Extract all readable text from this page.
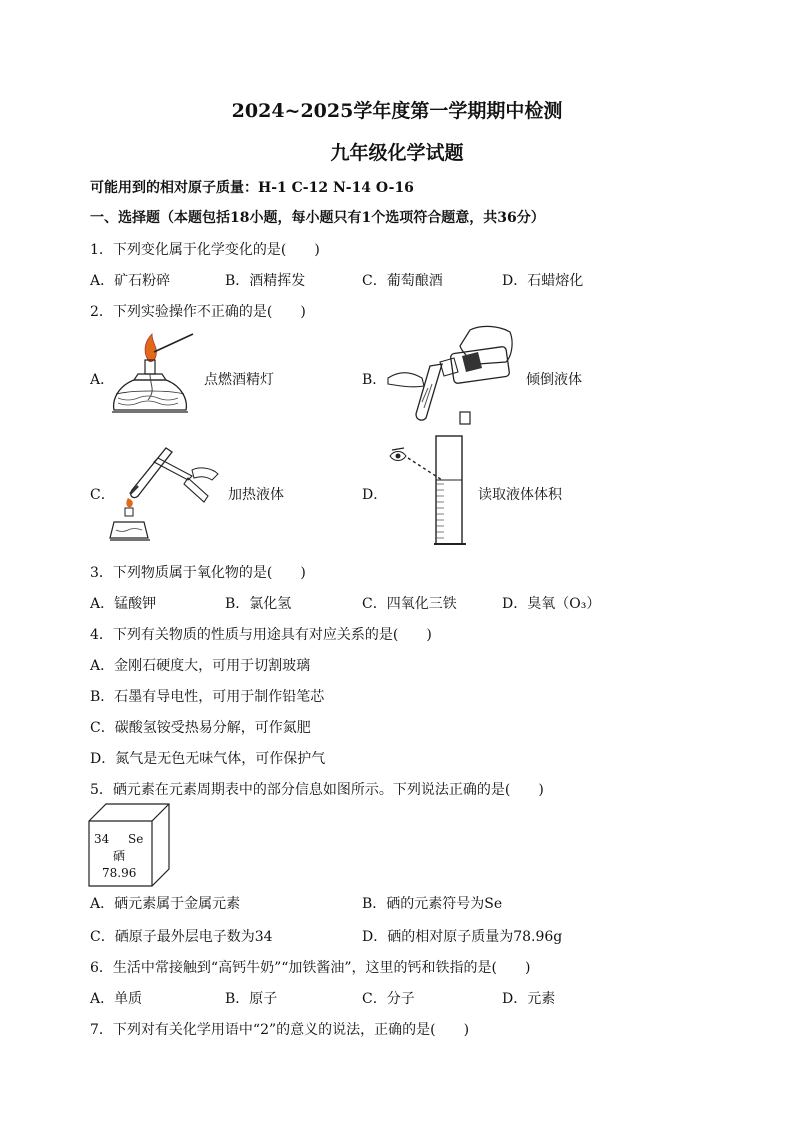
2024~2025学年度第一学期期中检测
九年级化学试题
可能用到的相对原子质量：H-1 C-12 N-14 O-16
一、选择题（本题包括18小题，每小题只有1个选项符合题意，共36分）
1．下列变化属于化学变化的是(　　)
A．矿石粉碎	B．酒精挥发	C．葡萄酿酒	D．石蜡熔化
2．下列实验操作不正确的是(　　)
A．	点燃酒精灯	B．	倾倒液体
C．	加热液体	D．	读取液体体积
3．下列物质属于氧化物的是(　　)
A．锰酸钾	B．氯化氢	C．四氧化三铁	D．臭氧（O₃）
4．下列有关物质的性质与用途具有对应关系的是(　　)
A．金刚石硬度大，可用于切割玻璃
B．石墨有导电性，可用于制作铅笔芯
C．碳酸氢铵受热易分解，可作氮肥
D．氮气是无色无味气体，可作保护气
5．硒元素在元素周期表中的部分信息如图所示。下列说法正确的是(　　)
34 Se
硒
78.96
A．硒元素属于金属元素	B．硒的元素符号为Se
C．硒原子最外层电子数为34	D．硒的相对原子质量为78.96g
6．生活中常接触到“高钙牛奶”“加铁酱油”，这里的钙和铁指的是(　　)
A．单质	B．原子	C．分子	D．元素
7．下列对有关化学用语中“2”的意义的说法，正确的是(　　)
